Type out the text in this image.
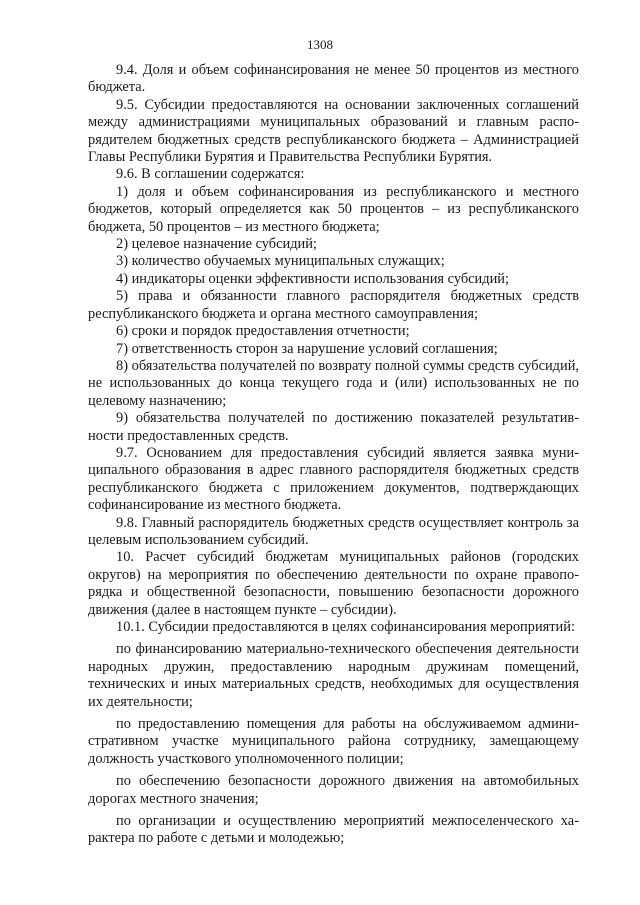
1308

9.4. Доля и объем софинансирования не менее 50 процентов из местного бюджета.

9.5. Субсидии предоставляются на основании заключенных соглашений между администрациями муниципальных образований и главным распорядителем бюджетных средств республиканского бюджета – Администрацией Главы Республики Бурятия и Правительства Республики Бурятия.

9.6. В соглашении содержатся:

1) доля и объем софинансирования из республиканского и местного бюджетов, который определяется как 50 процентов – из республиканского бюджета, 50 процентов – из местного бюджета;

2) целевое назначение субсидий;

3) количество обучаемых муниципальных служащих;

4) индикаторы оценки эффективности использования субсидий;

5) права и обязанности главного распорядителя бюджетных средств республиканского бюджета и органа местного самоуправления;

6) сроки и порядок предоставления отчетности;

7) ответственность сторон за нарушение условий соглашения;

8) обязательства получателей по возврату полной суммы средств субсидий, не использованных до конца текущего года и (или) использованных не по целевому назначению;

9) обязательства получателей по достижению показателей результативности предоставленных средств.

9.7. Основанием для предоставления субсидий является заявка муниципального образования в адрес главного распорядителя бюджетных средств республиканского бюджета с приложением документов, подтверждающих софинансирование из местного бюджета.

9.8. Главный распорядитель бюджетных средств осуществляет контроль за целевым использованием субсидий.

10. Расчет субсидий бюджетам муниципальных районов (городских округов) на мероприятия по обеспечению деятельности по охране правопорядка и общественной безопасности, повышению безопасности дорожного движения (далее в настоящем пункте – субсидии).

10.1. Субсидии предоставляются в целях софинансирования мероприятий:

по финансированию материально-технического обеспечения деятельности народных дружин, предоставлению народным дружинам помещений, технических и иных материальных средств, необходимых для осуществления их деятельности;

по предоставлению помещения для работы на обслуживаемом административном участке муниципального района сотруднику, замещающему должность участкового уполномоченного полиции;

по обеспечению безопасности дорожного движения на автомобильных дорогах местного значения;

по организации и осуществлению мероприятий межпоселенческого характера по работе с детьми и молодежью;
